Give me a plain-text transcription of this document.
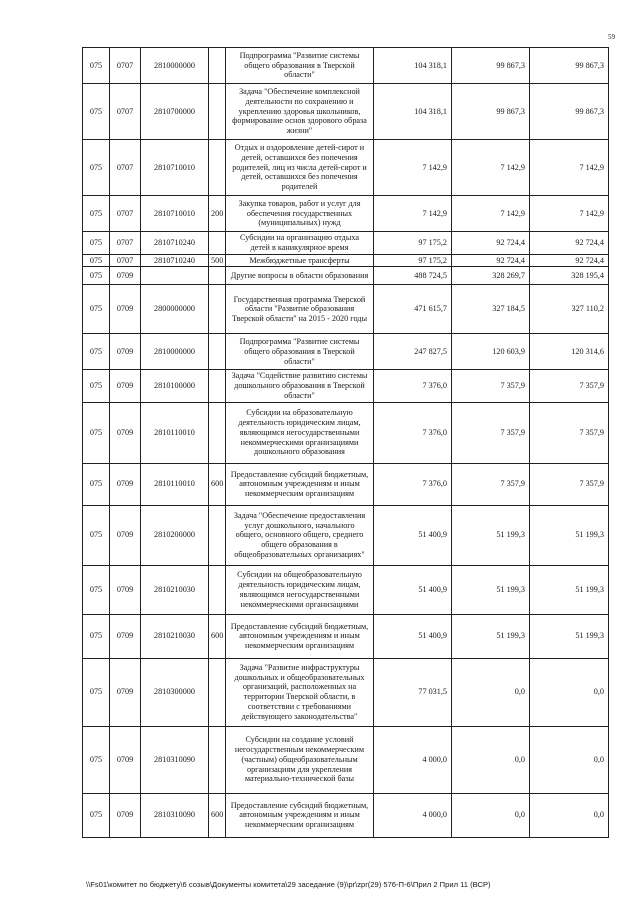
59
075	0707	2810000000		Подпрограмма "Развитие системы общего образования в Тверской области"	104 318,1	99 867,3	99 867,3
075	0707	2810700000		Задача "Обеспечение комплексной деятельности по сохранению и укреплению здоровья школьников, формирование основ здорового образа жизни"	104 318,1	99 867,3	99 867,3
075	0707	2810710010		Отдых и оздоровление детей-сирот и детей, оставшихся без попечения родителей, лиц из числа детей-сирот и детей, оставшихся без попечения родителей	7 142,9	7 142,9	7 142,9
075	0707	2810710010	200	Закупка товаров, работ и услуг для обеспечения государственных (муниципальных) нужд	7 142,9	7 142,9	7 142,9
075	0707	2810710240		Субсидии на организацию отдыха детей в каникулярное время	97 175,2	92 724,4	92 724,4
075	0707	2810710240	500	Межбюджетные трансферты	97 175,2	92 724,4	92 724,4
075	0709			Другие вопросы в области образования	488 724,5	328 269,7	328 195,4
075	0709	2800000000		Государственная программа Тверской области "Развитие образования Тверской области" на 2015 - 2020 годы	471 615,7	327 184,5	327 110,2
075	0709	2810000000		Подпрограмма "Развитие системы общего образования в Тверской области"	247 827,5	120 603,9	120 314,6
075	0709	2810100000		Задача "Содействие развитию системы дошкольного образования в Тверской области"	7 376,0	7 357,9	7 357,9
075	0709	2810110010		Субсидии на образовательную деятельность юридическим лицам, являющимся негосударственными некоммерческими организациями дошкольного образования	7 376,0	7 357,9	7 357,9
075	0709	2810110010	600	Предоставление субсидий бюджетным, автономным учреждениям и иным некоммерческим организациям	7 376,0	7 357,9	7 357,9
075	0709	2810200000		Задача "Обеспечение предоставления услуг дошкольного, начального общего, основного общего, среднего общего образования в общеобразовательных организациях"	51 400,9	51 199,3	51 199,3
075	0709	2810210030		Субсидии на общеобразовательную деятельность юридическим лицам, являющимся негосударственными некоммерческими организациями	51 400,9	51 199,3	51 199,3
075	0709	2810210030	600	Предоставление субсидий бюджетным, автономным учреждениям и иным некоммерческим организациям	51 400,9	51 199,3	51 199,3
075	0709	2810300000		Задача "Развитие инфраструктуры дошкольных и общеобразовательных организаций, расположенных на территории Тверской области, в соответствии с требованиями действующего законодательства"	77 031,5	0,0	0,0
075	0709	2810310090		Субсидии на создание условий негосударственным некоммерческим (частным) общеобразовательным организациям для укрепления материально-технической базы	4 000,0	0,0	0,0
075	0709	2810310090	600	Предоставление субсидий бюджетным, автономным учреждениям и иным некоммерческим организациям	4 000,0	0,0	0,0
\\Fs01\комитет по бюджету\6 созыв\Документы комитета\29 заседание (9)\pr\zpr(29) 576-П-6\Прил 2 Прил 11 (ВСР)
